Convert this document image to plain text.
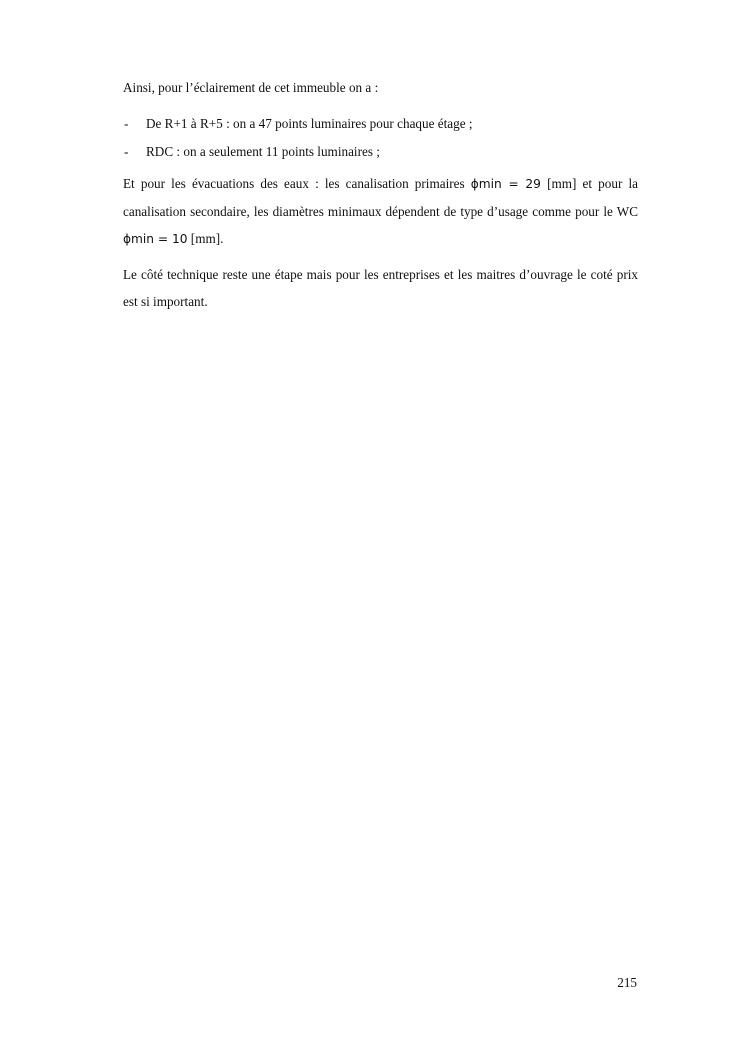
Ainsi, pour l’éclairement de cet immeuble on a :

- De R+1 à R+5 : on a 47 points luminaires pour chaque étage ;
- RDC : on a seulement 11 points luminaires ;

Et pour les évacuations des eaux : les canalisation primaires ϕmin = 29 [mm] et pour la canalisation secondaire, les diamètres minimaux dépendent de type d’usage comme pour le WC ϕmin = 10 [mm].

Le côté technique reste une étape mais pour les entreprises et les maitres d’ouvrage le coté prix est si important.

215
